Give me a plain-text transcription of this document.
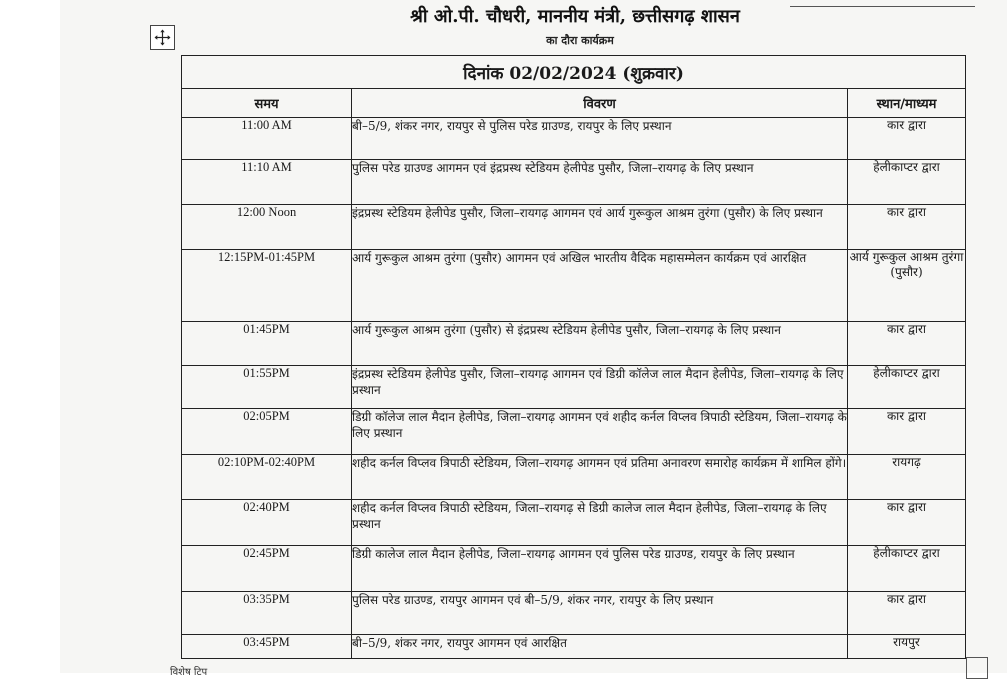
श्री ओ.पी. चौधरी, माननीय मंत्री, छत्तीसगढ़ शासन
का दौरा कार्यक्रम
दिनांक 02/02/2024 (शुक्रवार)		
समय	विवरण	स्थान/माध्यम
11:00 AM	बी–5/9, शंकर नगर, रायपुर से पुलिस परेड ग्राउण्ड, रायपुर के लिए प्रस्थान	कार द्वारा
11:10 AM	पुलिस परेड ग्राउण्ड आगमन एवं इंद्रप्रस्थ स्टेडियम हेलीपेड पुसौर, जिला–रायगढ़ के लिए प्रस्थान	हेलीकाप्टर द्वारा
12:00 Noon	इंद्रप्रस्थ स्टेडियम हेलीपेड पुसौर, जिला–रायगढ़ आगमन एवं आर्य गुरूकुल आश्रम तुरंगा (पुसौर) के लिए प्रस्थान	कार द्वारा
12:15PM-01:45PM	आर्य गुरूकुल आश्रम तुरंगा (पुसौर) आगमन एवं अखिल भारतीय वैदिक महासम्मेलन कार्यक्रम एवं आरक्षित	आर्य गुरूकुल आश्रम तुरंगा (पुसौर)
01:45PM	आर्य गुरूकुल आश्रम तुरंगा (पुसौर) से इंद्रप्रस्थ स्टेडियम हेलीपेड पुसौर, जिला–रायगढ़ के लिए प्रस्थान	कार द्वारा
01:55PM	इंद्रप्रस्थ स्टेडियम हेलीपेड पुसौर, जिला–रायगढ़ आगमन एवं डिग्री कॉलेज लाल मैदान हेलीपेड, जिला–रायगढ़ के लिए प्रस्थान	हेलीकाप्टर द्वारा
02:05PM	डिग्री कॉलेज लाल मैदान हेलीपेड, जिला–रायगढ़ आगमन एवं शहीद कर्नल विप्लव त्रिपाठी स्टेडियम, जिला–रायगढ़ के लिए प्रस्थान	कार द्वारा
02:10PM-02:40PM	शहीद कर्नल विप्लव त्रिपाठी स्टेडियम, जिला–रायगढ़ आगमन एवं प्रतिमा अनावरण समारोह कार्यक्रम में शामिल होंगे।	रायगढ़
02:40PM	शहीद कर्नल विप्लव त्रिपाठी स्टेडियम, जिला–रायगढ़ से डिग्री कालेज लाल मैदान हेलीपेड, जिला–रायगढ़ के लिए प्रस्थान	कार द्वारा
02:45PM	डिग्री कालेज लाल मैदान हेलीपेड, जिला–रायगढ़ आगमन एवं पुलिस परेड ग्राउण्ड, रायपुर के लिए प्रस्थान	हेलीकाप्टर द्वारा
03:35PM	पुलिस परेड ग्राउण्ड, रायपुर आगमन एवं बी–5/9, शंकर नगर, रायपुर के लिए प्रस्थान	कार द्वारा
03:45PM	बी–5/9, शंकर नगर, रायपुर आगमन एवं आरक्षित	रायपुर
विशेष टिप
